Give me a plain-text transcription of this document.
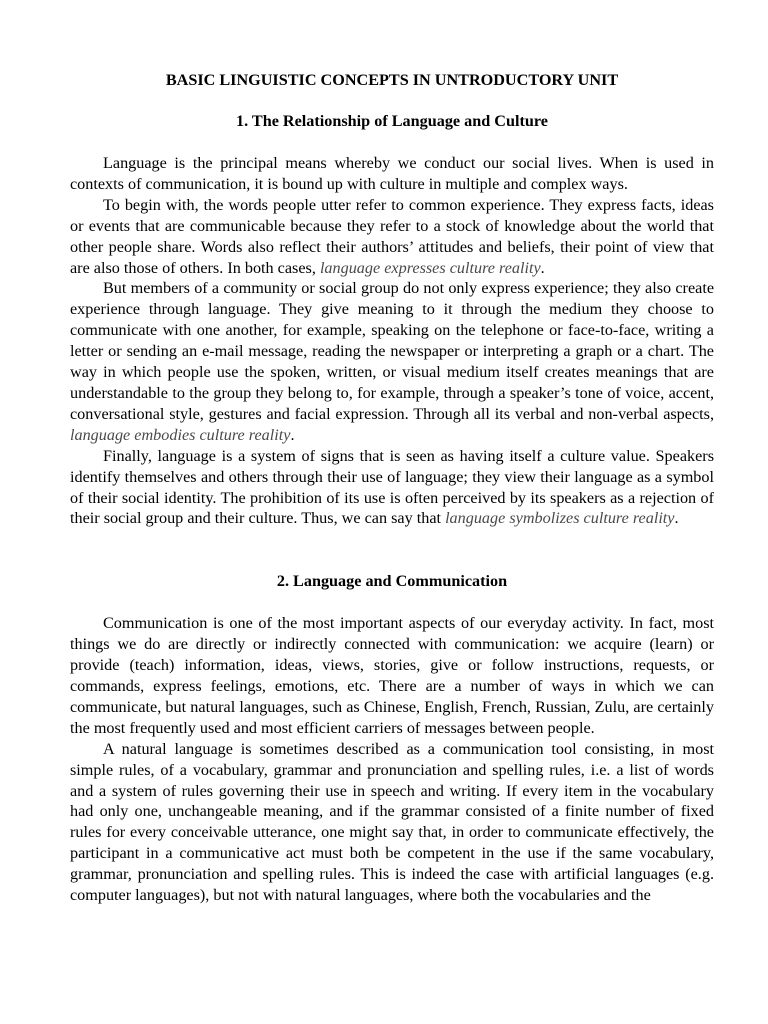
BASIC LINGUISTIC CONCEPTS IN UNTRODUCTORY UNIT
1. The Relationship of Language and Culture

Language is the principal means whereby we conduct our social lives. When is used in contexts of communication, it is bound up with culture in multiple and complex ways.

To begin with, the words people utter refer to common experience. They express facts, ideas or events that are communicable because they refer to a stock of knowledge about the world that other people share. Words also reflect their authors’ attitudes and beliefs, their point of view that are also those of others. In both cases, language expresses culture reality.

But members of a community or social group do not only express experience; they also create experience through language. They give meaning to it through the medium they choose to communicate with one another, for example, speaking on the telephone or face-to-face, writing a letter or sending an e-mail message, reading the newspaper or interpreting a graph or a chart. The way in which people use the spoken, written, or visual medium itself creates meanings that are understandable to the group they belong to, for example, through a speaker’s tone of voice, accent, conversational style, gestures and facial expression. Through all its verbal and non-verbal aspects, language embodies culture reality.

Finally, language is a system of signs that is seen as having itself a culture value. Speakers identify themselves and others through their use of language; they view their language as a symbol of their social identity. The prohibition of its use is often perceived by its speakers as a rejection of their social group and their culture. Thus, we can say that language symbolizes culture reality.

2. Language and Communication

Communication is one of the most important aspects of our everyday activity. In fact, most things we do are directly or indirectly connected with communication: we acquire (learn) or provide (teach) information, ideas, views, stories, give or follow instructions, requests, or commands, express feelings, emotions, etc. There are a number of ways in which we can communicate, but natural languages, such as Chinese, English, French, Russian, Zulu, are certainly the most frequently used and most efficient carriers of messages between people.

A natural language is sometimes described as a communication tool consisting, in most simple rules, of a vocabulary, grammar and pronunciation and spelling rules, i.e. a list of words and a system of rules governing their use in speech and writing. If every item in the vocabulary had only one, unchangeable meaning, and if the grammar consisted of a finite number of fixed rules for every conceivable utterance, one might say that, in order to communicate effectively, the participant in a communicative act must both be competent in the use if the same vocabulary, grammar, pronunciation and spelling rules. This is indeed the case with artificial languages (e.g. computer languages), but not with natural languages, where both the vocabularies and the
